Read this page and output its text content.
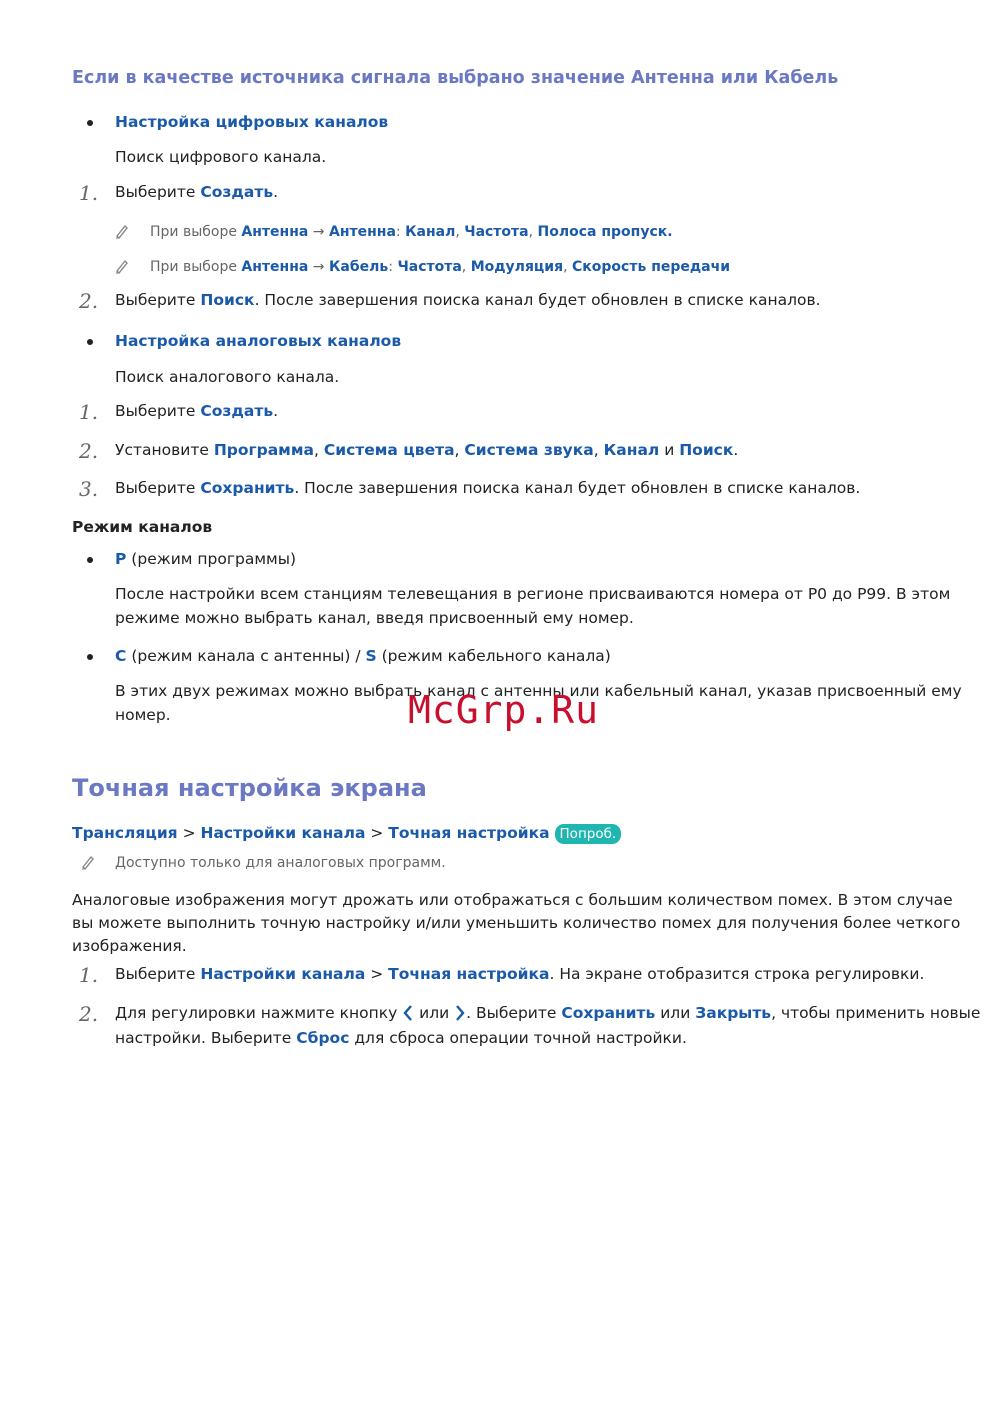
Если в качестве источника сигнала выбрано значение Антенна или Кабель
Настройка цифровых каналов
Поиск цифрового канала.
1. Выберите Создать.
При выборе Антенна → Антенна: Канал, Частота, Полоса пропуск.
При выборе Антенна → Кабель: Частота, Модуляция, Скорость передачи
2. Выберите Поиск. После завершения поиска канал будет обновлен в списке каналов.
Настройка аналоговых каналов
Поиск аналогового канала.
1. Выберите Создать.
2. Установите Программа, Система цвета, Система звука, Канал и Поиск.
3. Выберите Сохранить. После завершения поиска канал будет обновлен в списке каналов.
Режим каналов
P (режим программы)
После настройки всем станциям телевещания в регионе присваиваются номера от P0 до P99. В этом
режиме можно выбрать канал, введя присвоенный ему номер.
C (режим канала с антенны) / S (режим кабельного канала)
В этих двух режимах можно выбрать канал с антенны или кабельный канал, указав присвоенный ему
номер.	McGrp.Ru
Точная настройка экрана
Трансляция > Настройки канала > Точная настройка Попроб.
Доступно только для аналоговых программ.
Аналоговые изображения могут дрожать или отображаться с большим количеством помех. В этом случае
вы можете выполнить точную настройку и/или уменьшить количество помех для получения более четкого
изображения.
1. Выберите Настройки канала > Точная настройка. На экране отобразится строка регулировки.
2. Для регулировки нажмите кнопку  или . Выберите Сохранить или Закрыть, чтобы применить новые
настройки. Выберите Сброс для сброса операции точной настройки.
